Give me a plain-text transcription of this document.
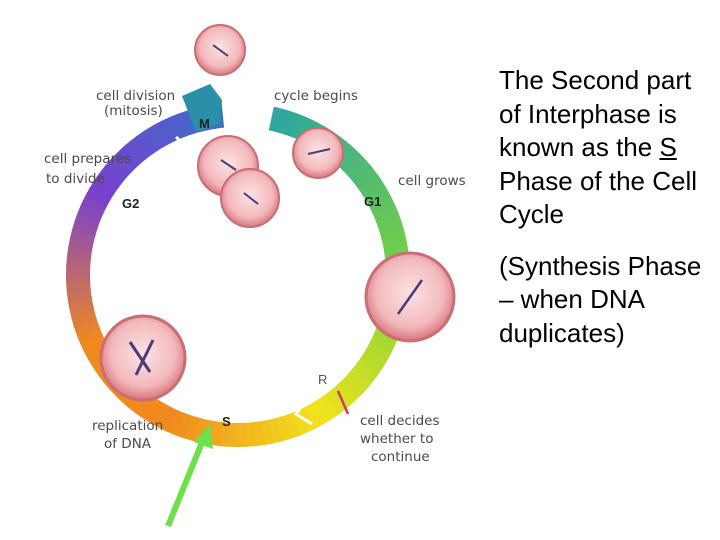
M
G1
G2
S
R
cell division
(mitosis)
cycle begins
cell prepares
to divide	cell grows
replication
of DNA
cell decides
whether to
continue

The Second part of Interphase is known as the S Phase of the Cell Cycle

(Synthesis Phase – when DNA duplicates)
